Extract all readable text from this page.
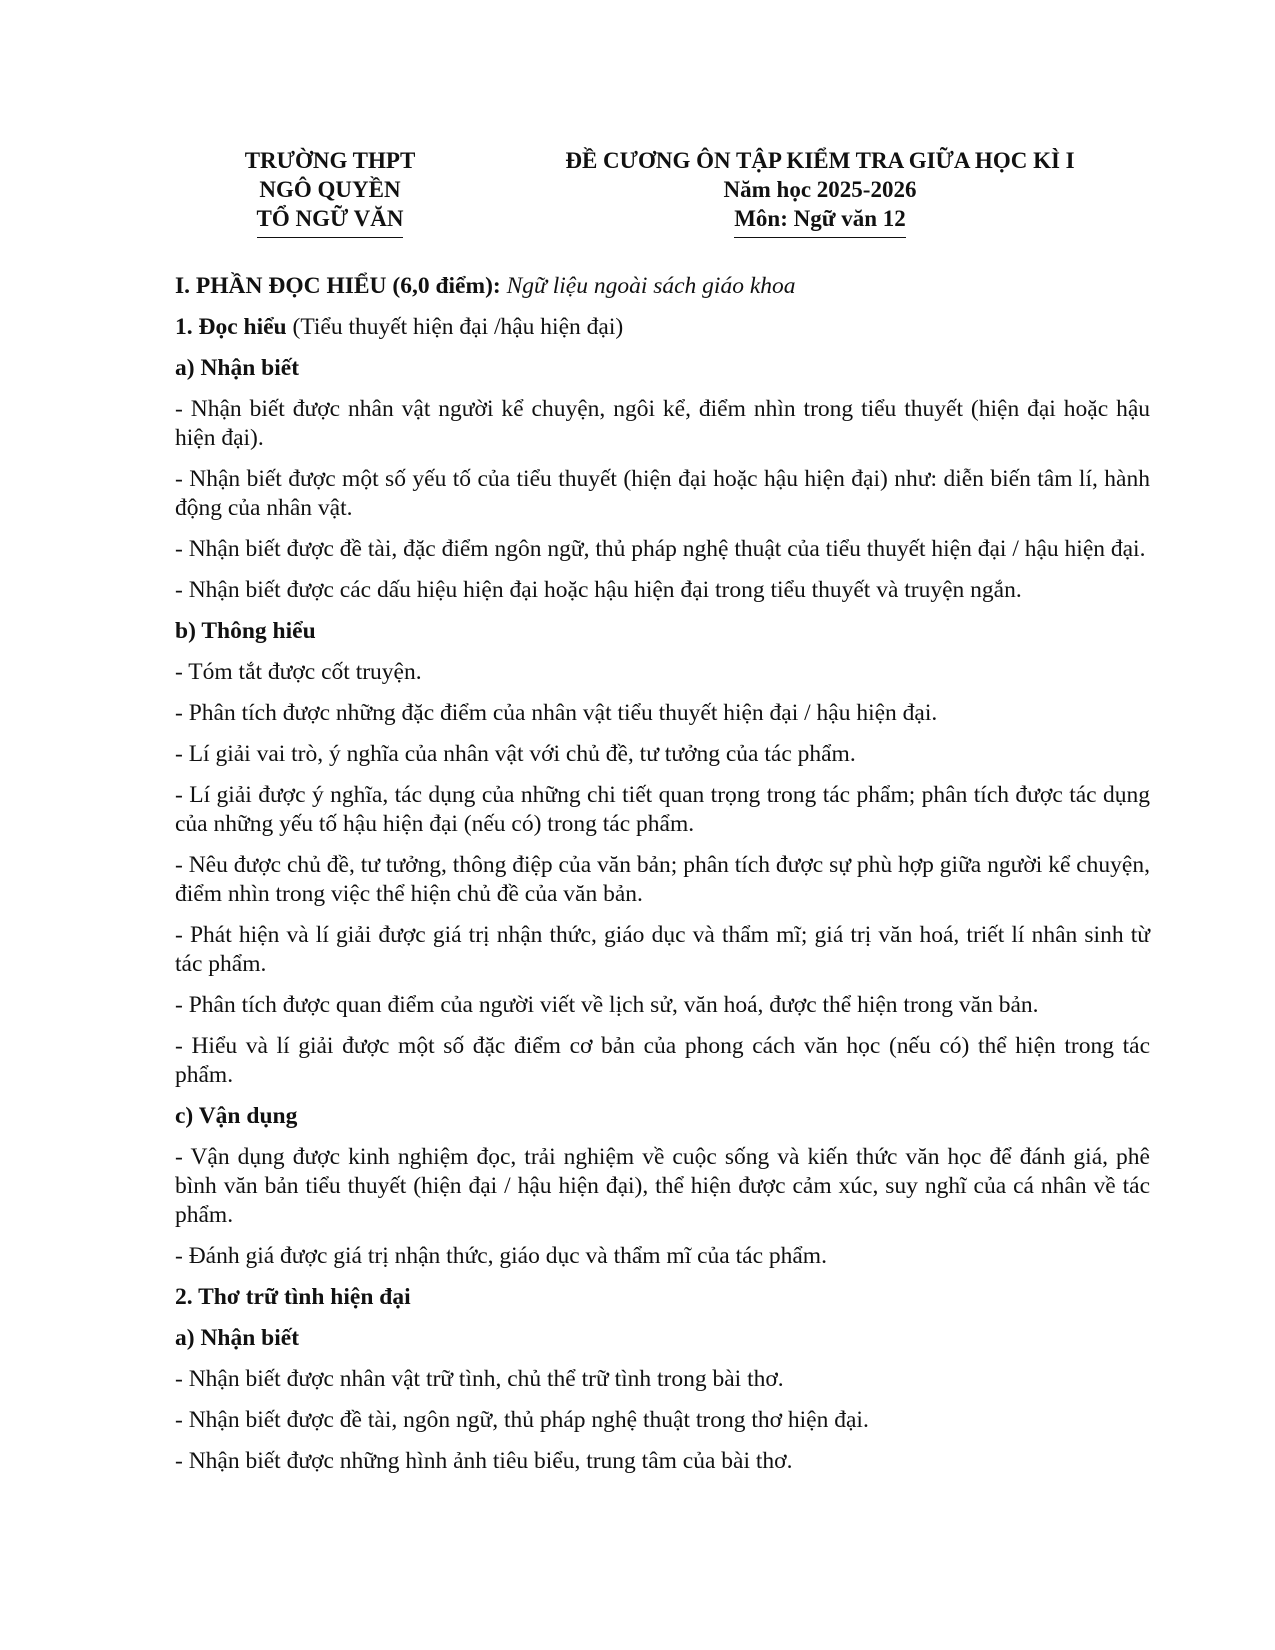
TRƯỜNG THPT
NGÔ QUYỀN
TỔ NGỮ VĂN
ĐỀ CƯƠNG ÔN TẬP KIỂM TRA GIỮA HỌC KÌ I
Năm học 2025-2026
Môn: Ngữ văn 12

I. PHẦN ĐỌC HIỂU (6,0 điểm): Ngữ liệu ngoài sách giáo khoa

1. Đọc hiểu (Tiểu thuyết hiện đại /hậu hiện đại)

a) Nhận biết

- Nhận biết được nhân vật người kể chuyện, ngôi kể, điểm nhìn trong tiểu thuyết (hiện đại hoặc hậu hiện đại).

- Nhận biết được một số yếu tố của tiểu thuyết (hiện đại hoặc hậu hiện đại) như: diễn biến tâm lí, hành động của nhân vật.

- Nhận biết được đề tài, đặc điểm ngôn ngữ, thủ pháp nghệ thuật của tiểu thuyết hiện đại / hậu hiện đại.

- Nhận biết được các dấu hiệu hiện đại hoặc hậu hiện đại trong tiểu thuyết và truyện ngắn.

b) Thông hiểu

- Tóm tắt được cốt truyện.

- Phân tích được những đặc điểm của nhân vật tiểu thuyết hiện đại / hậu hiện đại.

- Lí giải vai trò, ý nghĩa của nhân vật với chủ đề, tư tưởng của tác phẩm.

- Lí giải được ý nghĩa, tác dụng của những chi tiết quan trọng trong tác phẩm; phân tích được tác dụng của những yếu tố hậu hiện đại (nếu có) trong tác phẩm.

- Nêu được chủ đề, tư tưởng, thông điệp của văn bản; phân tích được sự phù hợp giữa người kể chuyện, điểm nhìn trong việc thể hiện chủ đề của văn bản.

- Phát hiện và lí giải được giá trị nhận thức, giáo dục và thẩm mĩ; giá trị văn hoá, triết lí nhân sinh từ tác phẩm.

- Phân tích được quan điểm của người viết về lịch sử, văn hoá, được thể hiện trong văn bản.

- Hiểu và lí giải được một số đặc điểm cơ bản của phong cách văn học (nếu có) thể hiện trong tác phẩm.

c) Vận dụng

- Vận dụng được kinh nghiệm đọc, trải nghiệm về cuộc sống và kiến thức văn học để đánh giá, phê bình văn bản tiểu thuyết (hiện đại / hậu hiện đại), thể hiện được cảm xúc, suy nghĩ của cá nhân về tác phẩm.

- Đánh giá được giá trị nhận thức, giáo dục và thẩm mĩ của tác phẩm.

2. Thơ trữ tình hiện đại

a) Nhận biết

- Nhận biết được nhân vật trữ tình, chủ thể trữ tình trong bài thơ.

- Nhận biết được đề tài, ngôn ngữ, thủ pháp nghệ thuật trong thơ hiện đại.

- Nhận biết được những hình ảnh tiêu biểu, trung tâm của bài thơ.
